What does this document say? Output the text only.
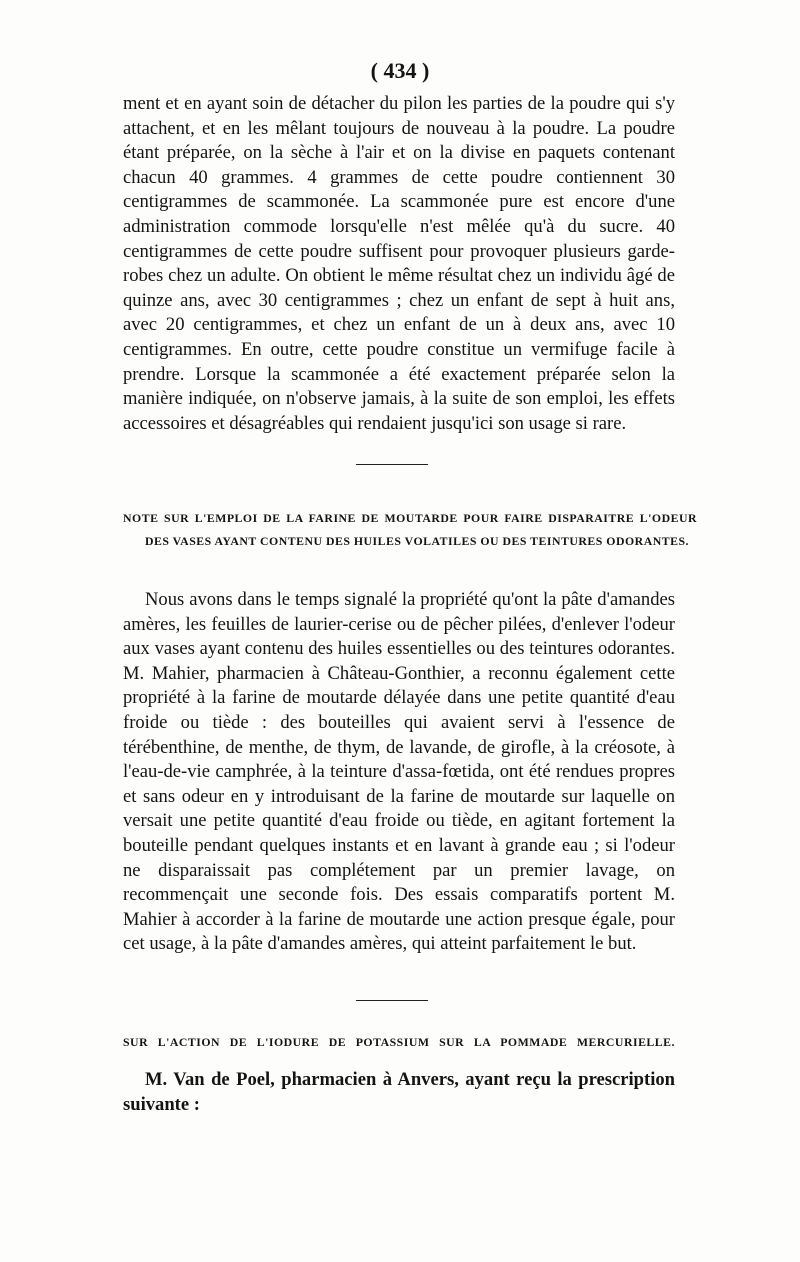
( 434 )

ment et en ayant soin de détacher du pilon les parties de la poudre qui s'y attachent, et en les mêlant toujours de nouveau à la poudre. La poudre étant préparée, on la sèche à l'air et on la divise en paquets contenant chacun 40 grammes. 4 grammes de cette poudre contiennent 30 centigrammes de scammonée. La scammonée pure est encore d'une administration commode lorsqu'elle n'est mêlée qu'à du sucre. 40 centigrammes de cette poudre suffisent pour provoquer plusieurs garde-robes chez un adulte. On obtient le même résultat chez un individu âgé de quinze ans, avec 30 centigrammes ; chez un enfant de sept à huit ans, avec 20 centigrammes, et chez un enfant de un à deux ans, avec 10 centigrammes. En outre, cette poudre constitue un vermifuge facile à prendre. Lorsque la scammonée a été exactement préparée selon la manière indiquée, on n'observe jamais, à la suite de son emploi, les effets accessoires et désagréables qui rendaient jusqu'ici son usage si rare.

NOTE SUR L'EMPLOI DE LA FARINE DE MOUTARDE POUR FAIRE DISPARAITRE L'ODEUR DES VASES AYANT CONTENU DES HUILES VOLATILES OU DES TEINTURES ODORANTES.

Nous avons dans le temps signalé la propriété qu'ont la pâte d'amandes amères, les feuilles de laurier-cerise ou de pêcher pilées, d'enlever l'odeur aux vases ayant contenu des huiles essentielles ou des teintures odorantes. M. Mahier, pharmacien à Château-Gonthier, a reconnu également cette propriété à la farine de moutarde délayée dans une petite quantité d'eau froide ou tiède : des bouteilles qui avaient servi à l'essence de térébenthine, de menthe, de thym, de lavande, de girofle, à la créosote, à l'eau-de-vie camphrée, à la teinture d'assa-fœtida, ont été rendues propres et sans odeur en y introduisant de la farine de moutarde sur laquelle on versait une petite quantité d'eau froide ou tiède, en agitant fortement la bouteille pendant quelques instants et en lavant à grande eau ; si l'odeur ne disparaissait pas complétement par un premier lavage, on recommençait une seconde fois. Des essais comparatifs portent M. Mahier à accorder à la farine de moutarde une action presque égale, pour cet usage, à la pâte d'amandes amères, qui atteint parfaitement le but.

SUR L'ACTION DE L'IODURE DE POTASSIUM SUR LA POMMADE MERCURIELLE.

M. Van de Poel, pharmacien à Anvers, ayant reçu la prescription suivante :
